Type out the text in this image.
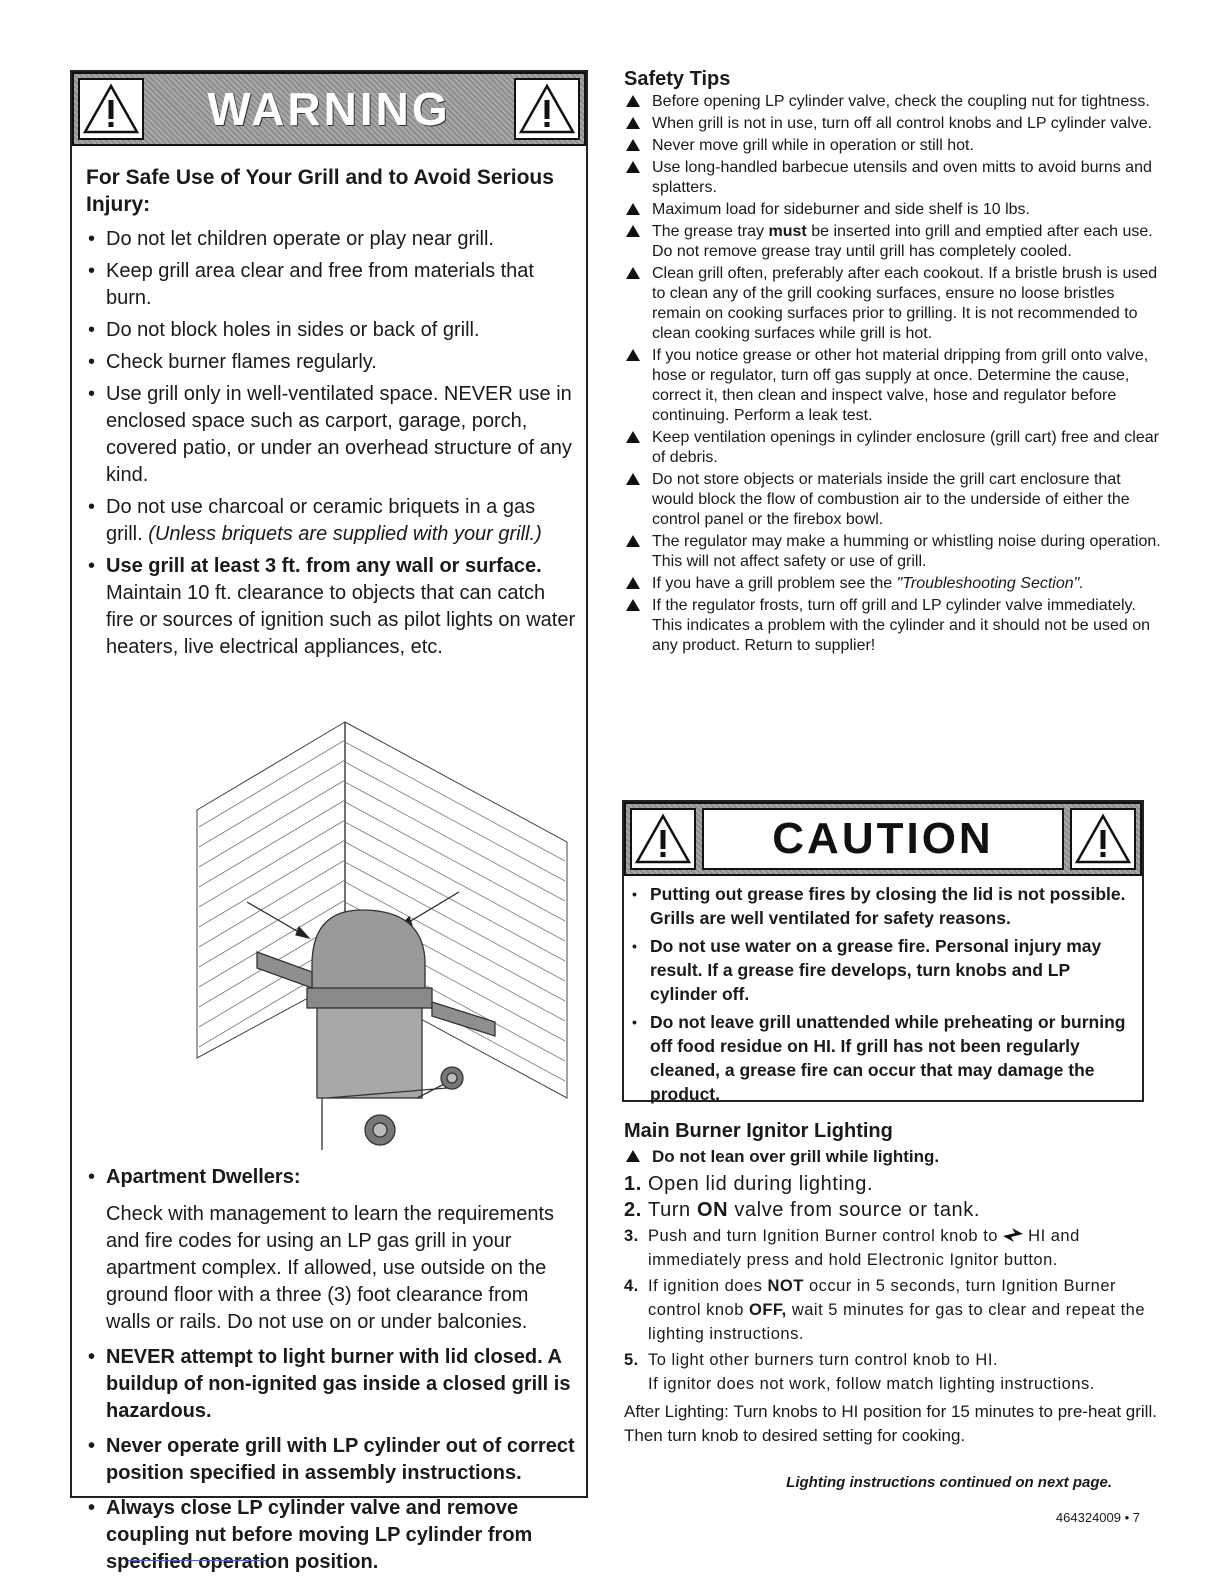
WARNING
For Safe Use of Your Grill and to Avoid Serious Injury:
• Do not let children operate or play near grill.
• Keep grill area clear and free from materials that burn.
• Do not block holes in sides or back of grill.
• Check burner flames regularly.
• Use grill only in well-ventilated space. NEVER use in enclosed space such as carport, garage, porch, covered patio, or under an overhead structure of any kind.
• Do not use charcoal or ceramic briquets in a gas grill. (Unless briquets are supplied with your grill.)
• Use grill at least 3 ft. from any wall or surface. Maintain 10 ft. clearance to objects that can catch fire or sources of ignition such as pilot lights on water heaters, live electrical appliances, etc.
• Apartment Dwellers:
Check with management to learn the requirements and fire codes for using an LP gas grill in your apartment complex. If allowed, use outside on the ground floor with a three (3) foot clearance from walls or rails. Do not use on or under balconies.
• NEVER attempt to light burner with lid closed. A buildup of non-ignited gas inside a closed grill is hazardous.
• Never operate grill with LP cylinder out of correct position specified in assembly instructions.
• Always close LP cylinder valve and remove coupling nut before moving LP cylinder from specified operation position.
Safety Tips
Before opening LP cylinder valve, check the coupling nut for tightness.
When grill is not in use, turn off all control knobs and LP cylinder valve.
Never move grill while in operation or still hot.
Use long-handled barbecue utensils and oven mitts to avoid burns and splatters.
Maximum load for sideburner and side shelf is 10 lbs.
The grease tray must be inserted into grill and emptied after each use. Do not remove grease tray until grill has completely cooled.
Clean grill often, preferably after each cookout. If a bristle brush is used to clean any of the grill cooking surfaces, ensure no loose bristles remain on cooking surfaces prior to grilling. It is not recommended to clean cooking surfaces while grill is hot.
If you notice grease or other hot material dripping from grill onto valve, hose or regulator, turn off gas supply at once. Determine the cause, correct it, then clean and inspect valve, hose and regulator before continuing. Perform a leak test.
Keep ventilation openings in cylinder enclosure (grill cart) free and clear of debris.
Do not store objects or materials inside the grill cart enclosure that would block the flow of combustion air to the underside of either the control panel or the firebox bowl.
The regulator may make a humming or whistling noise during operation. This will not affect safety or use of grill.
If you have a grill problem see the "Troubleshooting Section".
If the regulator frosts, turn off grill and LP cylinder valve immediately. This indicates a problem with the cylinder and it should not be used on any product. Return to supplier!
CAUTION
• Putting out grease fires by closing the lid is not possible. Grills are well ventilated for safety reasons.
• Do not use water on a grease fire. Personal injury may result. If a grease fire develops, turn knobs and LP cylinder off.
• Do not leave grill unattended while preheating or burning off food residue on HI. If grill has not been regularly cleaned, a grease fire can occur that may damage the product.
Main Burner Ignitor Lighting
Do not lean over grill while lighting.
1. Open lid during lighting.
2. Turn ON valve from source or tank.
3. Push and turn Ignition Burner control knob to HI and immediately press and hold Electronic Ignitor button.
4. If ignition does NOT occur in 5 seconds, turn Ignition Burner control knob OFF, wait 5 minutes for gas to clear and repeat the lighting instructions.
5. To light other burners turn control knob to HI.
If ignitor does not work, follow match lighting instructions.
After Lighting: Turn knobs to HI position for 15 minutes to pre-heat grill. Then turn knob to desired setting for cooking.
Lighting instructions continued on next page.
464324009 • 7
